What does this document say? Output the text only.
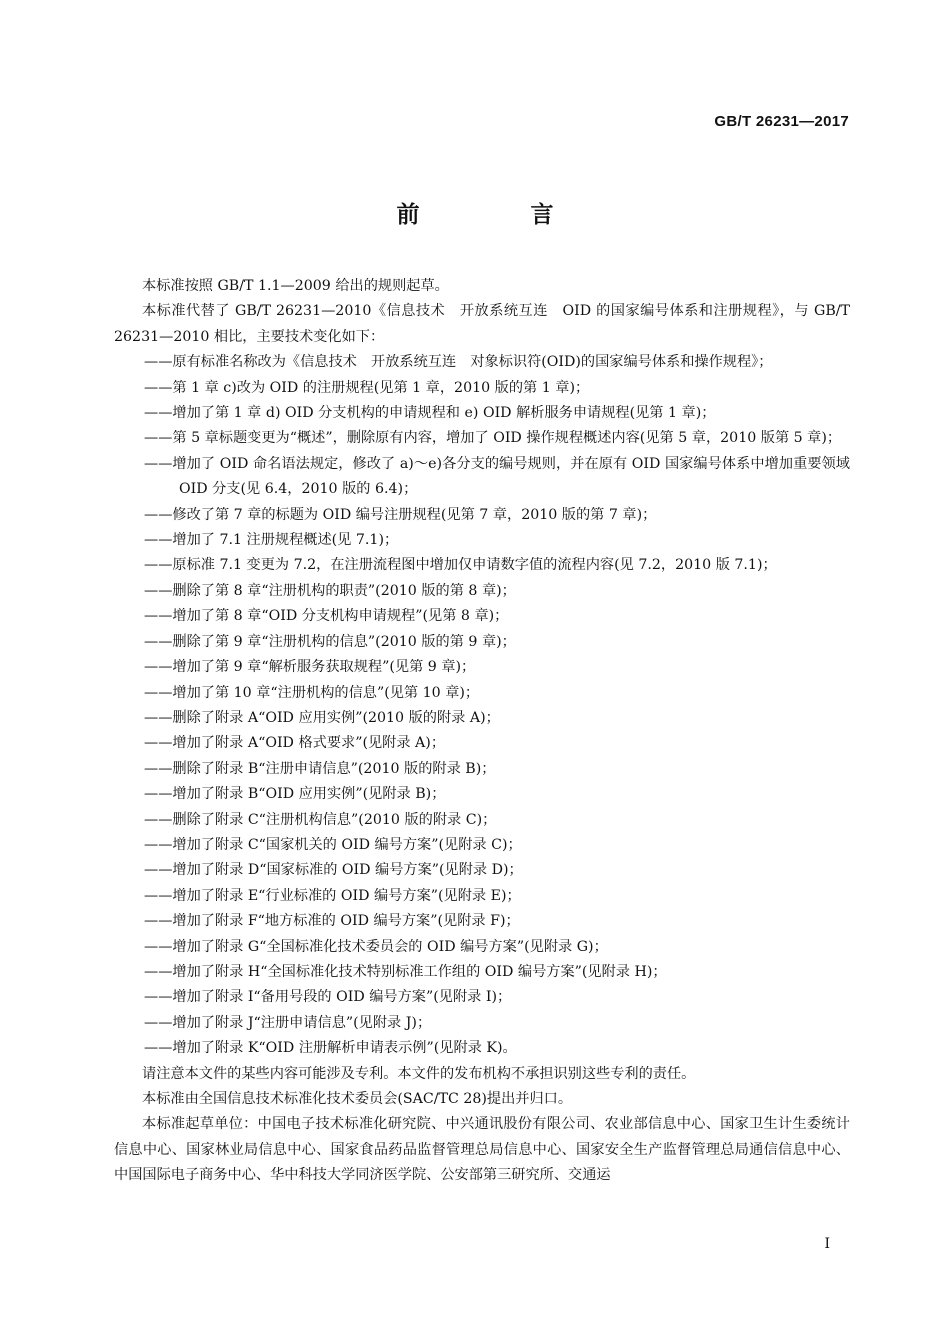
GB/T 26231—2017
前　言

本标准按照 GB/T 1.1—2009 给出的规则起草。

本标准代替了 GB/T 26231—2010《信息技术　开放系统互连　OID 的国家编号体系和注册规程》，与 GB/T 26231—2010 相比，主要技术变化如下：

——原有标准名称改为《信息技术　开放系统互连　对象标识符(OID)的国家编号体系和操作规程》；

——第 1 章 c)改为 OID 的注册规程(见第 1 章，2010 版的第 1 章)；

——增加了第 1 章 d) OID 分支机构的申请规程和 e) OID 解析服务申请规程(见第 1 章)；

——第 5 章标题变更为“概述”，删除原有内容，增加了 OID 操作规程概述内容(见第 5 章，2010 版第 5 章)；

——增加了 OID 命名语法规定，修改了 a)～e)各分支的编号规则，并在原有 OID 国家编号体系中增加重要领域 OID 分支(见 6.4，2010 版的 6.4)；

——修改了第 7 章的标题为 OID 编号注册规程(见第 7 章，2010 版的第 7 章)；

——增加了 7.1 注册规程概述(见 7.1)；

——原标准 7.1 变更为 7.2，在注册流程图中增加仅申请数字值的流程内容(见 7.2，2010 版 7.1)；

——删除了第 8 章“注册机构的职责”(2010 版的第 8 章)；

——增加了第 8 章“OID 分支机构申请规程”(见第 8 章)；

——删除了第 9 章“注册机构的信息”(2010 版的第 9 章)；

——增加了第 9 章“解析服务获取规程”(见第 9 章)；

——增加了第 10 章“注册机构的信息”(见第 10 章)；

——删除了附录 A“OID 应用实例”(2010 版的附录 A)；

——增加了附录 A“OID 格式要求”(见附录 A)；

——删除了附录 B“注册申请信息”(2010 版的附录 B)；

——增加了附录 B“OID 应用实例”(见附录 B)；

——删除了附录 C“注册机构信息”(2010 版的附录 C)；

——增加了附录 C“国家机关的 OID 编号方案”(见附录 C)；

——增加了附录 D“国家标准的 OID 编号方案”(见附录 D)；

——增加了附录 E“行业标准的 OID 编号方案”(见附录 E)；

——增加了附录 F“地方标准的 OID 编号方案”(见附录 F)；

——增加了附录 G“全国标准化技术委员会的 OID 编号方案”(见附录 G)；

——增加了附录 H“全国标准化技术特别标准工作组的 OID 编号方案”(见附录 H)；

——增加了附录 I“备用号段的 OID 编号方案”(见附录 I)；

——增加了附录 J“注册申请信息”(见附录 J)；

——增加了附录 K“OID 注册解析申请表示例”(见附录 K)。

请注意本文件的某些内容可能涉及专利。本文件的发布机构不承担识别这些专利的责任。

本标准由全国信息技术标准化技术委员会(SAC/TC 28)提出并归口。

本标准起草单位：中国电子技术标准化研究院、中兴通讯股份有限公司、农业部信息中心、国家卫生计生委统计信息中心、国家林业局信息中心、国家食品药品监督管理总局信息中心、国家安全生产监督管理总局通信信息中心、中国国际电子商务中心、华中科技大学同济医学院、公安部第三研究所、交通运

I
